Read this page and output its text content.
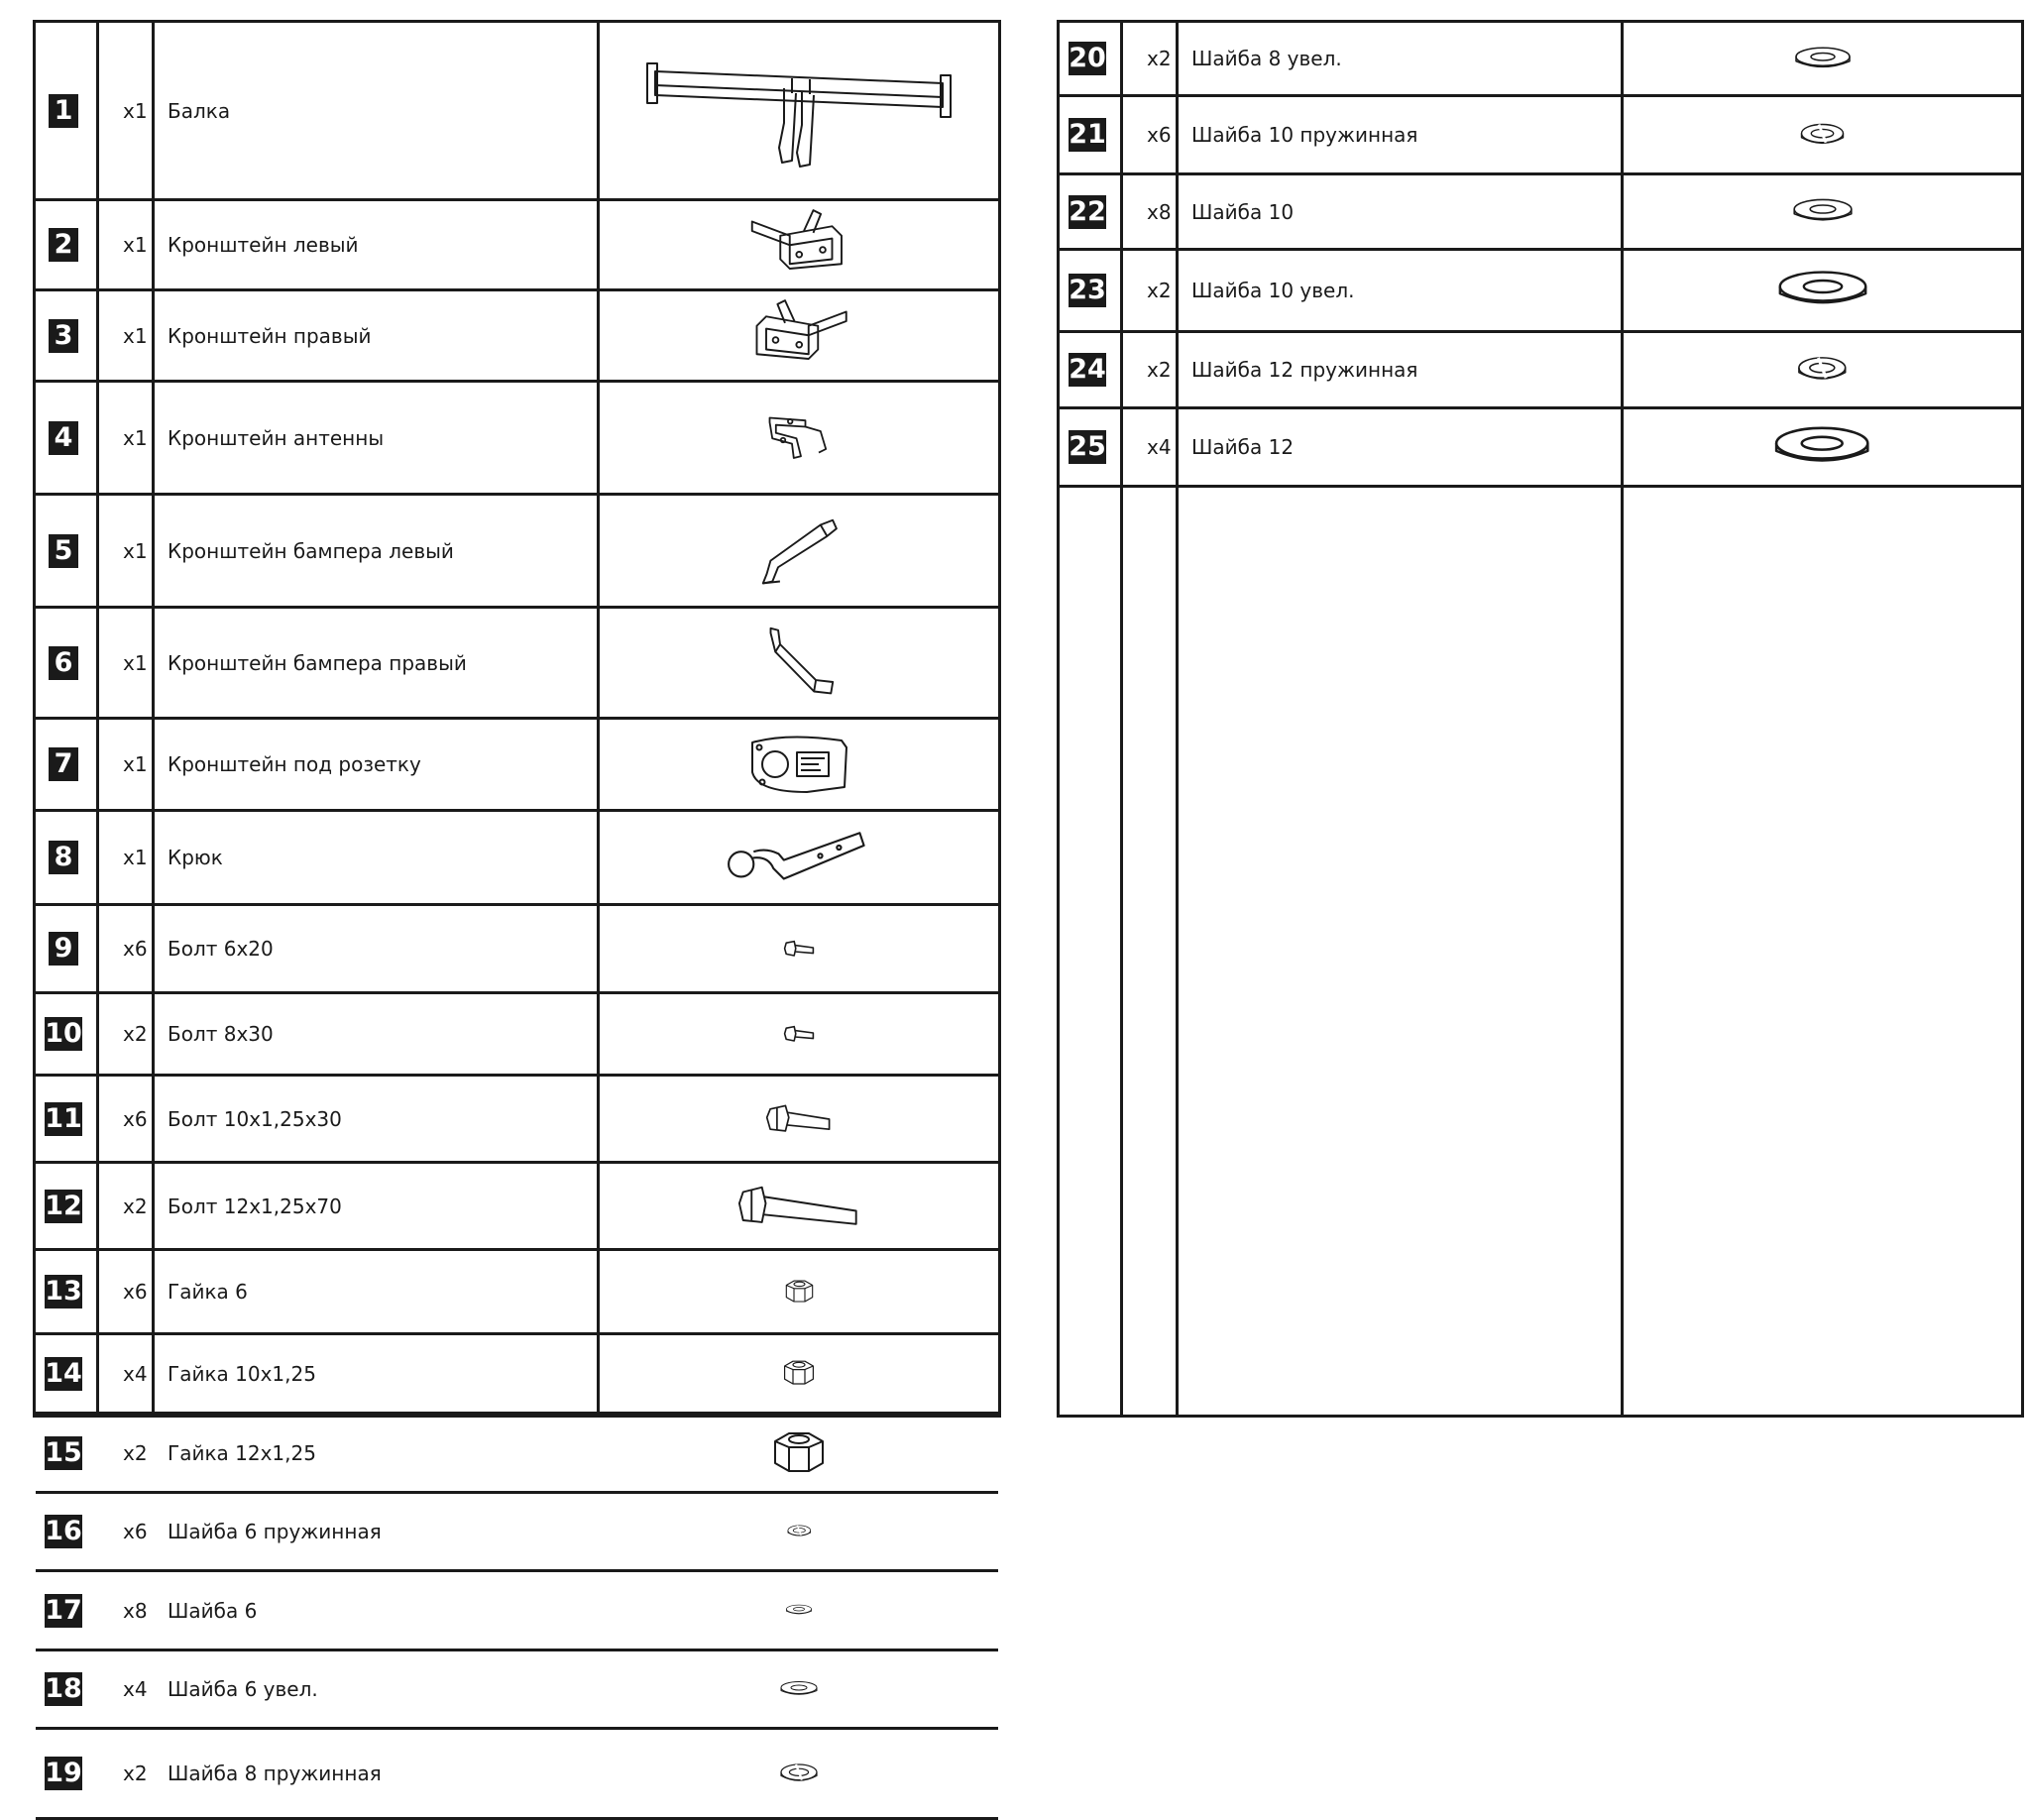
1	x1 Балка
2	x1 Кронштейн левый
3	x1 Кронштейн правый
4	x1 Кронштейн антенны
5	x1 Кронштейн бампера левый
6	x1 Кронштейн бампера правый
7	x1 Кронштейн под розетку
8	x1 Крюк
9	x6 Болт 6х20
10 x2 Болт 8х30
11 x6 Болт 10х1,25х30
12 x2 Болт 12х1,25х70
13 x6 Гайка 6
14 x4 Гайка 10х1,25
15 x2 Гайка 12х1,25
16 x6 Шайба 6 пружинная
17 x8 Шайба 6
18 x4 Шайба 6 увел.
19 x2 Шайба 8 пружинная
20 x2 Шайба 8 увел.
21 x6 Шайба 10 пружинная
22 x8 Шайба 10
23 x2 Шайба 10 увел.
24 x2 Шайба 12 пружинная
25 x4 Шайба 12
